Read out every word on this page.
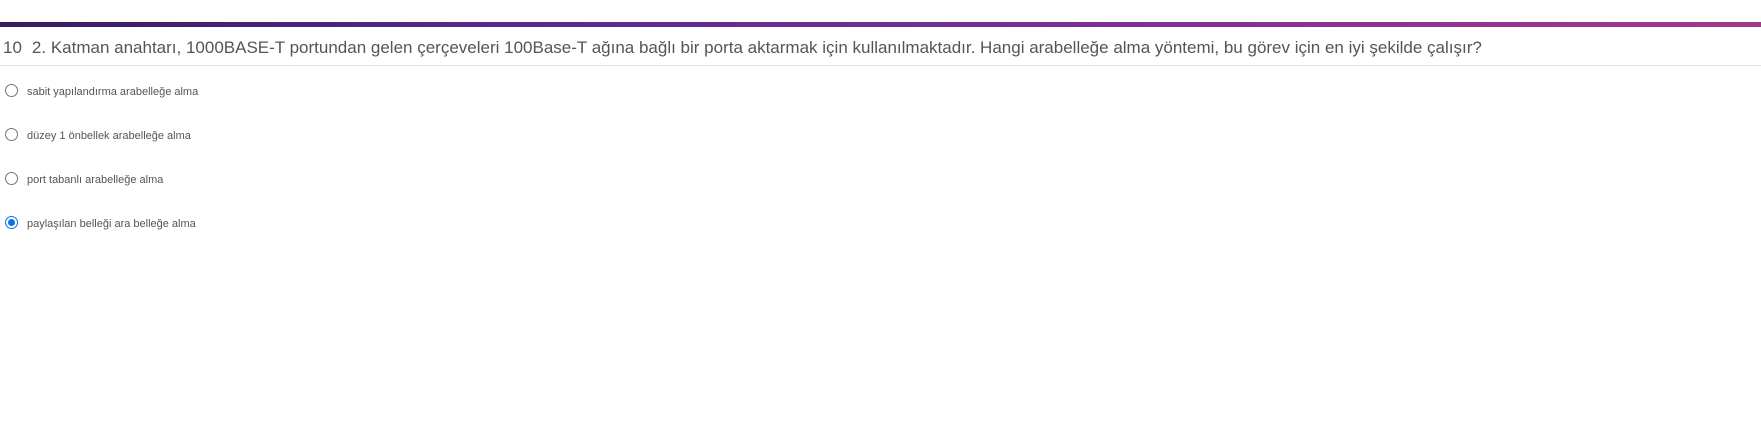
10 2. Katman anahtarı, 1000BASE-T portundan gelen çerçeveleri 100Base-T ağına bağlı bir porta aktarmak için kullanılmaktadır. Hangi arabelleğe alma yöntemi, bu görev için en iyi şekilde çalışır?
sabit yapılandırma arabelleğe alma
düzey 1 önbellek arabelleğe alma
port tabanlı arabelleğe alma
paylaşılan belleği ara belleğe alma
